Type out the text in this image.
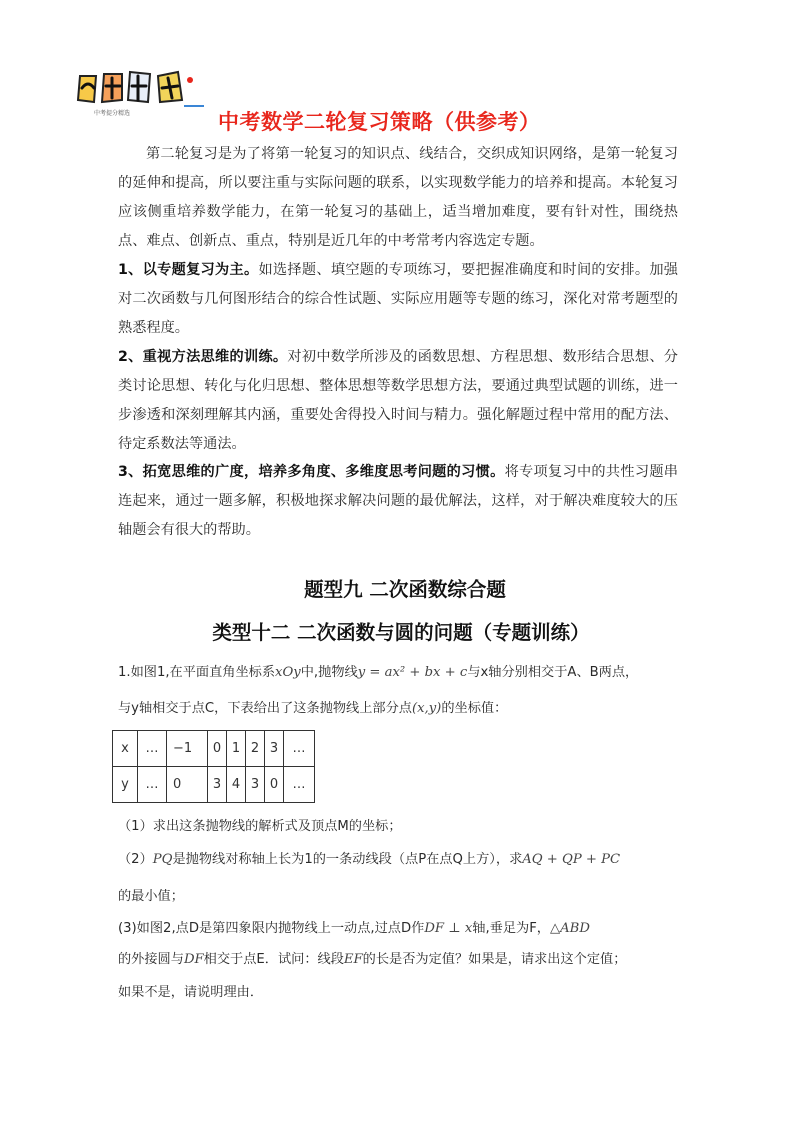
中考提分精选	中考数学二轮复习策略（供参考）
第二轮复习是为了将第一轮复习的知识点、线结合，交织成知识网络，是第一轮复习的延伸和提高，所以要注重与实际问题的联系，以实现数学能力的培养和提高。本轮复习应该侧重培养数学能力，在第一轮复习的基础上，适当增加难度，要有针对性，围绕热点、难点、创新点、重点，特别是近几年的中考常考内容选定专题。
1、以专题复习为主。如选择题、填空题的专项练习，要把握准确度和时间的安排。加强对二次函数与几何图形结合的综合性试题、实际应用题等专题的练习，深化对常考题型的熟悉程度。
2、重视方法思维的训练。对初中数学所涉及的函数思想、方程思想、数形结合思想、分类讨论思想、转化与化归思想、整体思想等数学思想方法，要通过典型试题的训练，进一步渗透和深刻理解其内涵，重要处舍得投入时间与精力。强化解题过程中常用的配方法、待定系数法等通法。
3、拓宽思维的广度，培养多角度、多维度思考问题的习惯。将专项复习中的共性习题串连起来，通过一题多解，积极地探求解决问题的最优解法，这样，对于解决难度较大的压轴题会有很大的帮助。
题型九 二次函数综合题
类型十二 二次函数与圆的问题（专题训练）
1.如图1,在平面直角坐标系xOy中,抛物线y = ax² + bx + c与x轴分别相交于A、B两点，
与y轴相交于点C，下表给出了这条抛物线上部分点(x,y)的坐标值：
x	…	−1	0	1	2	3	…
y	…	0	3	4	3	0	…
（1）求出这条抛物线的解析式及顶点M的坐标；
（2）PQ是抛物线对称轴上长为1的一条动线段（点P在点Q上方），求AQ + QP + PC
的最小值；
(3)如图2,点D是第四象限内抛物线上一动点,过点D作DF ⊥ x轴,垂足为F，△ABD
的外接圆与DF相交于点E．试问：线段EF的长是否为定值？如果是，请求出这个定值；
如果不是，请说明理由．
